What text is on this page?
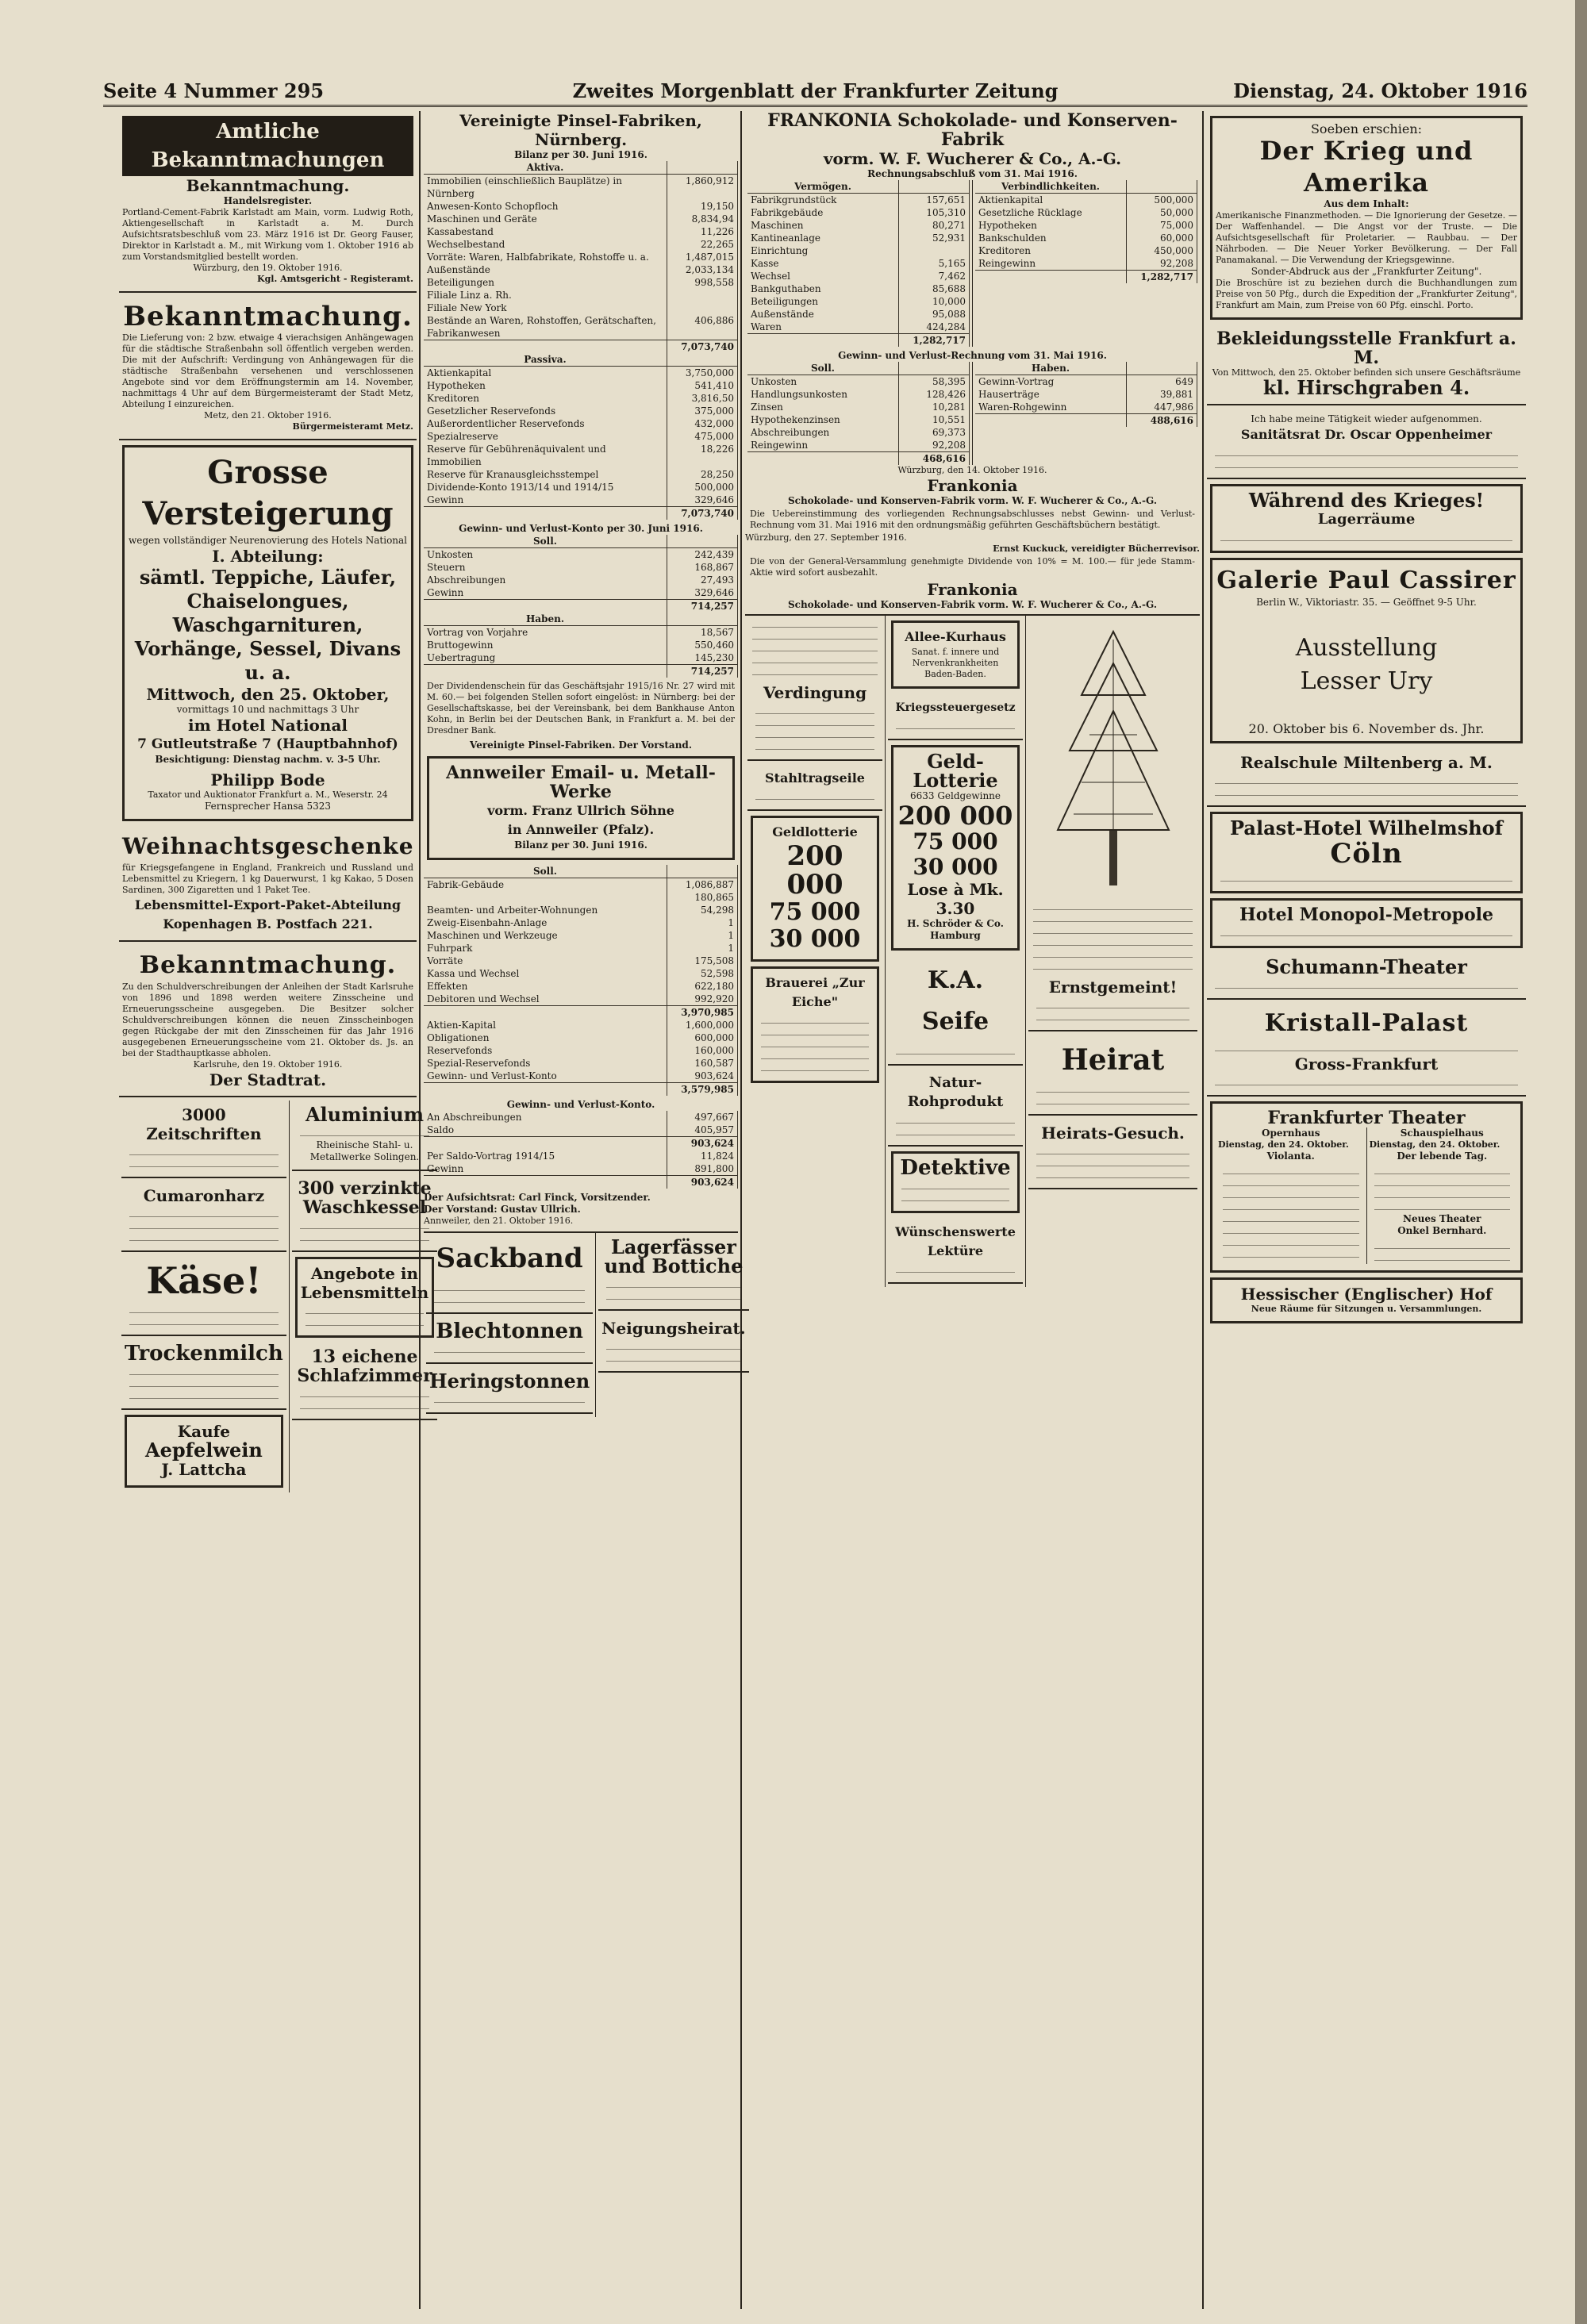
Seite 4 Nummer 295	Zweites Morgenblatt der Frankfurter Zeitung	Dienstag, 24. Oktober 1916
Amtliche Bekanntmachungen
Bekanntmachung.
Handelsregister.
Portland-Cement-Fabrik Karlstadt am Main, vorm. Ludwig Roth, Aktiengesellschaft in Karlstadt a. M. Durch Aufsichtsratsbeschluß vom 23. März 1916 ist Dr. Georg Fauser, Direktor in Karlstadt a. M., mit Wirkung vom 1. Oktober 1916 ab zum Vorstandsmitglied bestellt worden.
Würzburg, den 19. Oktober 1916.
Kgl. Amtsgericht - Registeramt.
Bekanntmachung.
Die Lieferung von: 2 bzw. etwaige 4 vierachsigen Anhängewagen für die städtische Straßenbahn soll öffentlich vergeben werden. Die mit der Aufschrift: Verdingung von Anhängewagen für die städtische Straßenbahn versehenen und verschlossenen Angebote sind vor dem Eröffnungstermin am 14. November, nachmittags 4 Uhr auf dem Bürgermeisteramt der Stadt Metz, Abteilung I einzureichen.
Metz, den 21. Oktober 1916.
Bürgermeisteramt Metz.
Grosse Versteigerung
wegen vollständiger Neurenovierung des Hotels National
I. Abteilung:
sämtl. Teppiche, Läufer, Chaiselongues, Waschgarnituren, Vorhänge, Sessel, Divans u. a.
Mittwoch, den 25. Oktober,
vormittags 10 und nachmittags 3 Uhr
im Hotel National
7 Gutleutstraße 7 (Hauptbahnhof)
Besichtigung: Dienstag nachm. v. 3-5 Uhr.
Philipp Bode
Taxator und Auktionator Frankfurt a. M., Weserstr. 24
Fernsprecher Hansa 5323
Weihnachtsgeschenke
für Kriegsgefangene in England, Frankreich und Russland und Lebensmittel zu Kriegern, 1 kg Dauerwurst, 1 kg Kakao, 5 Dosen Sardinen, 300 Zigaretten und 1 Paket Tee.
Lebensmittel-Export-Paket-Abteilung
Kopenhagen B. Postfach 221.
Bekanntmachung.
Zu den Schuldverschreibungen der Anleihen der Stadt Karlsruhe von 1896 und 1898 werden weitere Zinsscheine und Erneuerungsscheine ausgegeben. Die Besitzer solcher Schuldverschreibungen können die neuen Zinsscheinbogen gegen Rückgabe der mit den Zinsscheinen für das Jahr 1916 ausgegebenen Erneuerungsscheine vom 21. Oktober ds. Js. an bei der Stadthauptkasse abholen.
Karlsruhe, den 19. Oktober 1916.
Der Stadtrat.
3000 Zeitschriften
Cumaronharz
Käse!
Trockenmilch
Kaufe
Aepfelwein
J. Lattcha
Aluminium
Rheinische Stahl- u. Metallwerke Solingen.
300 verzinkte Waschkessel
Angebote in Lebensmitteln
13 eichene Schlafzimmer
Vereinigte Pinsel-Fabriken, Nürnberg.
Bilanz per 30. Juni 1916.
Aktiva.	
Immobilien (einschließlich Bauplätze) in Nürnberg	1,860,912
Anwesen-Konto Schopfloch	19,150
Maschinen und Geräte	8,834,94
Kassabestand	11,226
Wechselbestand	22,265
Vorräte: Waren, Halbfabrikate, Rohstoffe u. a.	1,487,015
Außenstände	2,033,134
Beteiligungen	998,558
Filiale Linz a. Rh.	
Filiale New York	
Bestände an Waren, Rohstoffen, Gerätschaften, Fabrikanwesen	406,886
	7,073,740
Passiva.	
Aktienkapital	3,750,000
Hypotheken	541,410
Kreditoren	3,816,50
Gesetzlicher Reservefonds	375,000
Außerordentlicher Reservefonds	432,000
Spezialreserve	475,000
Reserve für Gebührenäquivalent und Immobilien	18,226
Reserve für Kranausgleichsstempel	28,250
Dividende-Konto 1913/14 und 1914/15	500,000
Gewinn	329,646
	7,073,740
Gewinn- und Verlust-Konto per 30. Juni 1916.
Soll.	
Unkosten	242,439
Steuern	168,867
Abschreibungen	27,493
Gewinn	329,646
	714,257
Haben.	
Vortrag von Vorjahre	18,567
Bruttogewinn	550,460
Uebertragung	145,230
	714,257
Der Dividendenschein für das Geschäftsjahr 1915/16 Nr. 27 wird mit M. 60.— bei folgenden Stellen sofort eingelöst: in Nürnberg: bei der Gesellschaftskasse, bei der Vereinsbank, bei dem Bankhause Anton Kohn, in Berlin bei der Deutschen Bank, in Frankfurt a. M. bei der Dresdner Bank.
Vereinigte Pinsel-Fabriken. Der Vorstand.
Annweiler Email- u. Metall-Werke
vorm. Franz Ullrich Söhne
in Annweiler (Pfalz).
Bilanz per 30. Juni 1916.
Soll.	
Fabrik-Gebäude	1,086,887
	180,865
Beamten- und Arbeiter-Wohnungen	54,298
Zweig-Eisenbahn-Anlage	1
Maschinen und Werkzeuge	1
Fuhrpark	1
Vorräte	175,508
Kassa und Wechsel	52,598
Effekten	622,180
Debitoren und Wechsel	992,920
	3,970,985
Aktien-Kapital	1,600,000
Obligationen	600,000
Reservefonds	160,000
Spezial-Reservefonds	160,587
Gewinn- und Verlust-Konto	903,624
	3,579,985
Gewinn- und Verlust-Konto.
An Abschreibungen	497,667
Saldo	405,957
	903,624
Per Saldo-Vortrag 1914/15	11,824
Gewinn	891,800
	903,624
Der Aufsichtsrat: Carl Finck, Vorsitzender.
Der Vorstand: Gustav Ullrich.
Annweiler, den 21. Oktober 1916.
Sackband
Blechtonnen
Heringstonnen
Lagerfässer und Bottiche
Neigungsheirat.
FRANKONIA Schokolade- und Konserven-Fabrik
vorm. W. F. Wucherer & Co., A.-G.
Rechnungsabschluß vom 31. Mai 1916.
Vermögen.	
Fabrikgrundstück	157,651
Fabrikgebäude	105,310
Maschinen	80,271
Kantineanlage	52,931
Einrichtung	
Kasse	5,165
Wechsel	7,462
Bankguthaben	85,688
Beteiligungen	10,000
Außenstände	95,088
Waren	424,284
	1,282,717
Verbindlichkeiten.	
Aktienkapital	500,000
Gesetzliche Rücklage	50,000
Hypotheken	75,000
Bankschulden	60,000
Kreditoren	450,000
Reingewinn	92,208
	1,282,717
Gewinn- und Verlust-Rechnung vom 31. Mai 1916.
Soll.	
Unkosten	58,395
Handlungsunkosten	128,426
Zinsen	10,281
Hypothekenzinsen	10,551
Abschreibungen	69,373
Reingewinn	92,208
	468,616
Haben.	
Gewinn-Vortrag	649
Hauserträge	39,881
Waren-Rohgewinn	447,986
	488,616
Würzburg, den 14. Oktober 1916.
Frankonia
Schokolade- und Konserven-Fabrik vorm. W. F. Wucherer & Co., A.-G.
Die Uebereinstimmung des vorliegenden Rechnungsabschlusses nebst Gewinn- und Verlust-Rechnung vom 31. Mai 1916 mit den ordnungsmäßig geführten Geschäftsbüchern bestätigt.
Würzburg, den 27. September 1916.
Ernst Kuckuck, vereidigter Bücherrevisor.
Die von der General-Versammlung genehmigte Dividende von 10% = M. 100.— für jede Stamm-Aktie wird sofort ausbezahlt.
Frankonia
Schokolade- und Konserven-Fabrik vorm. W. F. Wucherer & Co., A.-G.
Verdingung
Stahltragseile
Geldlotterie
200 000
75 000
30 000
Brauerei „Zur Eiche"
Allee-Kurhaus
Sanat. f. innere und Nervenkrankheiten Baden-Baden.
Kriegssteuergesetz
Geld-Lotterie
6633 Geldgewinne
200 000
75 000
30 000
Lose à Mk. 3.30
H. Schröder & Co. Hamburg
K.A. Seife
Natur-Rohprodukt
Detektive
Wünschenswerte Lektüre
Ernstgemeint!
Heirat
Heirats-Gesuch.
Soeben erschien:
Der Krieg und Amerika
Aus dem Inhalt:
Amerikanische Finanzmethoden. — Die Ignorierung der Gesetze. — Der Waffenhandel. — Die Angst vor der Truste. — Die Aufsichtsgesellschaft für Proletarier. — Raubbau. — Der Nährboden. — Die Neuer Yorker Bevölkerung. — Der Fall Panamakanal. — Die Verwendung der Kriegsgewinne.
Sonder-Abdruck aus der „Frankfurter Zeitung".
Die Broschüre ist zu beziehen durch die Buchhandlungen zum Preise von 50 Pfg., durch die Expedition der „Frankfurter Zeitung", Frankfurt am Main, zum Preise von 60 Pfg. einschl. Porto.
Bekleidungsstelle Frankfurt a. M.
Von Mittwoch, den 25. Oktober befinden sich unsere Geschäftsräume
kl. Hirschgraben 4.
Ich habe meine Tätigkeit wieder aufgenommen.
Sanitätsrat Dr. Oscar Oppenheimer
Während des Krieges!
Lagerräume
Galerie Paul Cassirer
Berlin W., Viktoriastr. 35. — Geöffnet 9-5 Uhr.
Ausstellung
Lesser Ury
20. Oktober bis 6. November ds. Jhr.
Realschule Miltenberg a. M.
Palast-Hotel Wilhelmshof
Cöln
Hotel Monopol-Metropole
Schumann-Theater
Kristall-Palast
Gross-Frankfurt
Frankfurter Theater
Opernhaus
Dienstag, den 24. Oktober.
Violanta.
Schauspielhaus
Dienstag, den 24. Oktober.
Der lebende Tag.
Neues Theater
Onkel Bernhard.
Hessischer (Englischer) Hof
Neue Räume für Sitzungen u. Versammlungen.
